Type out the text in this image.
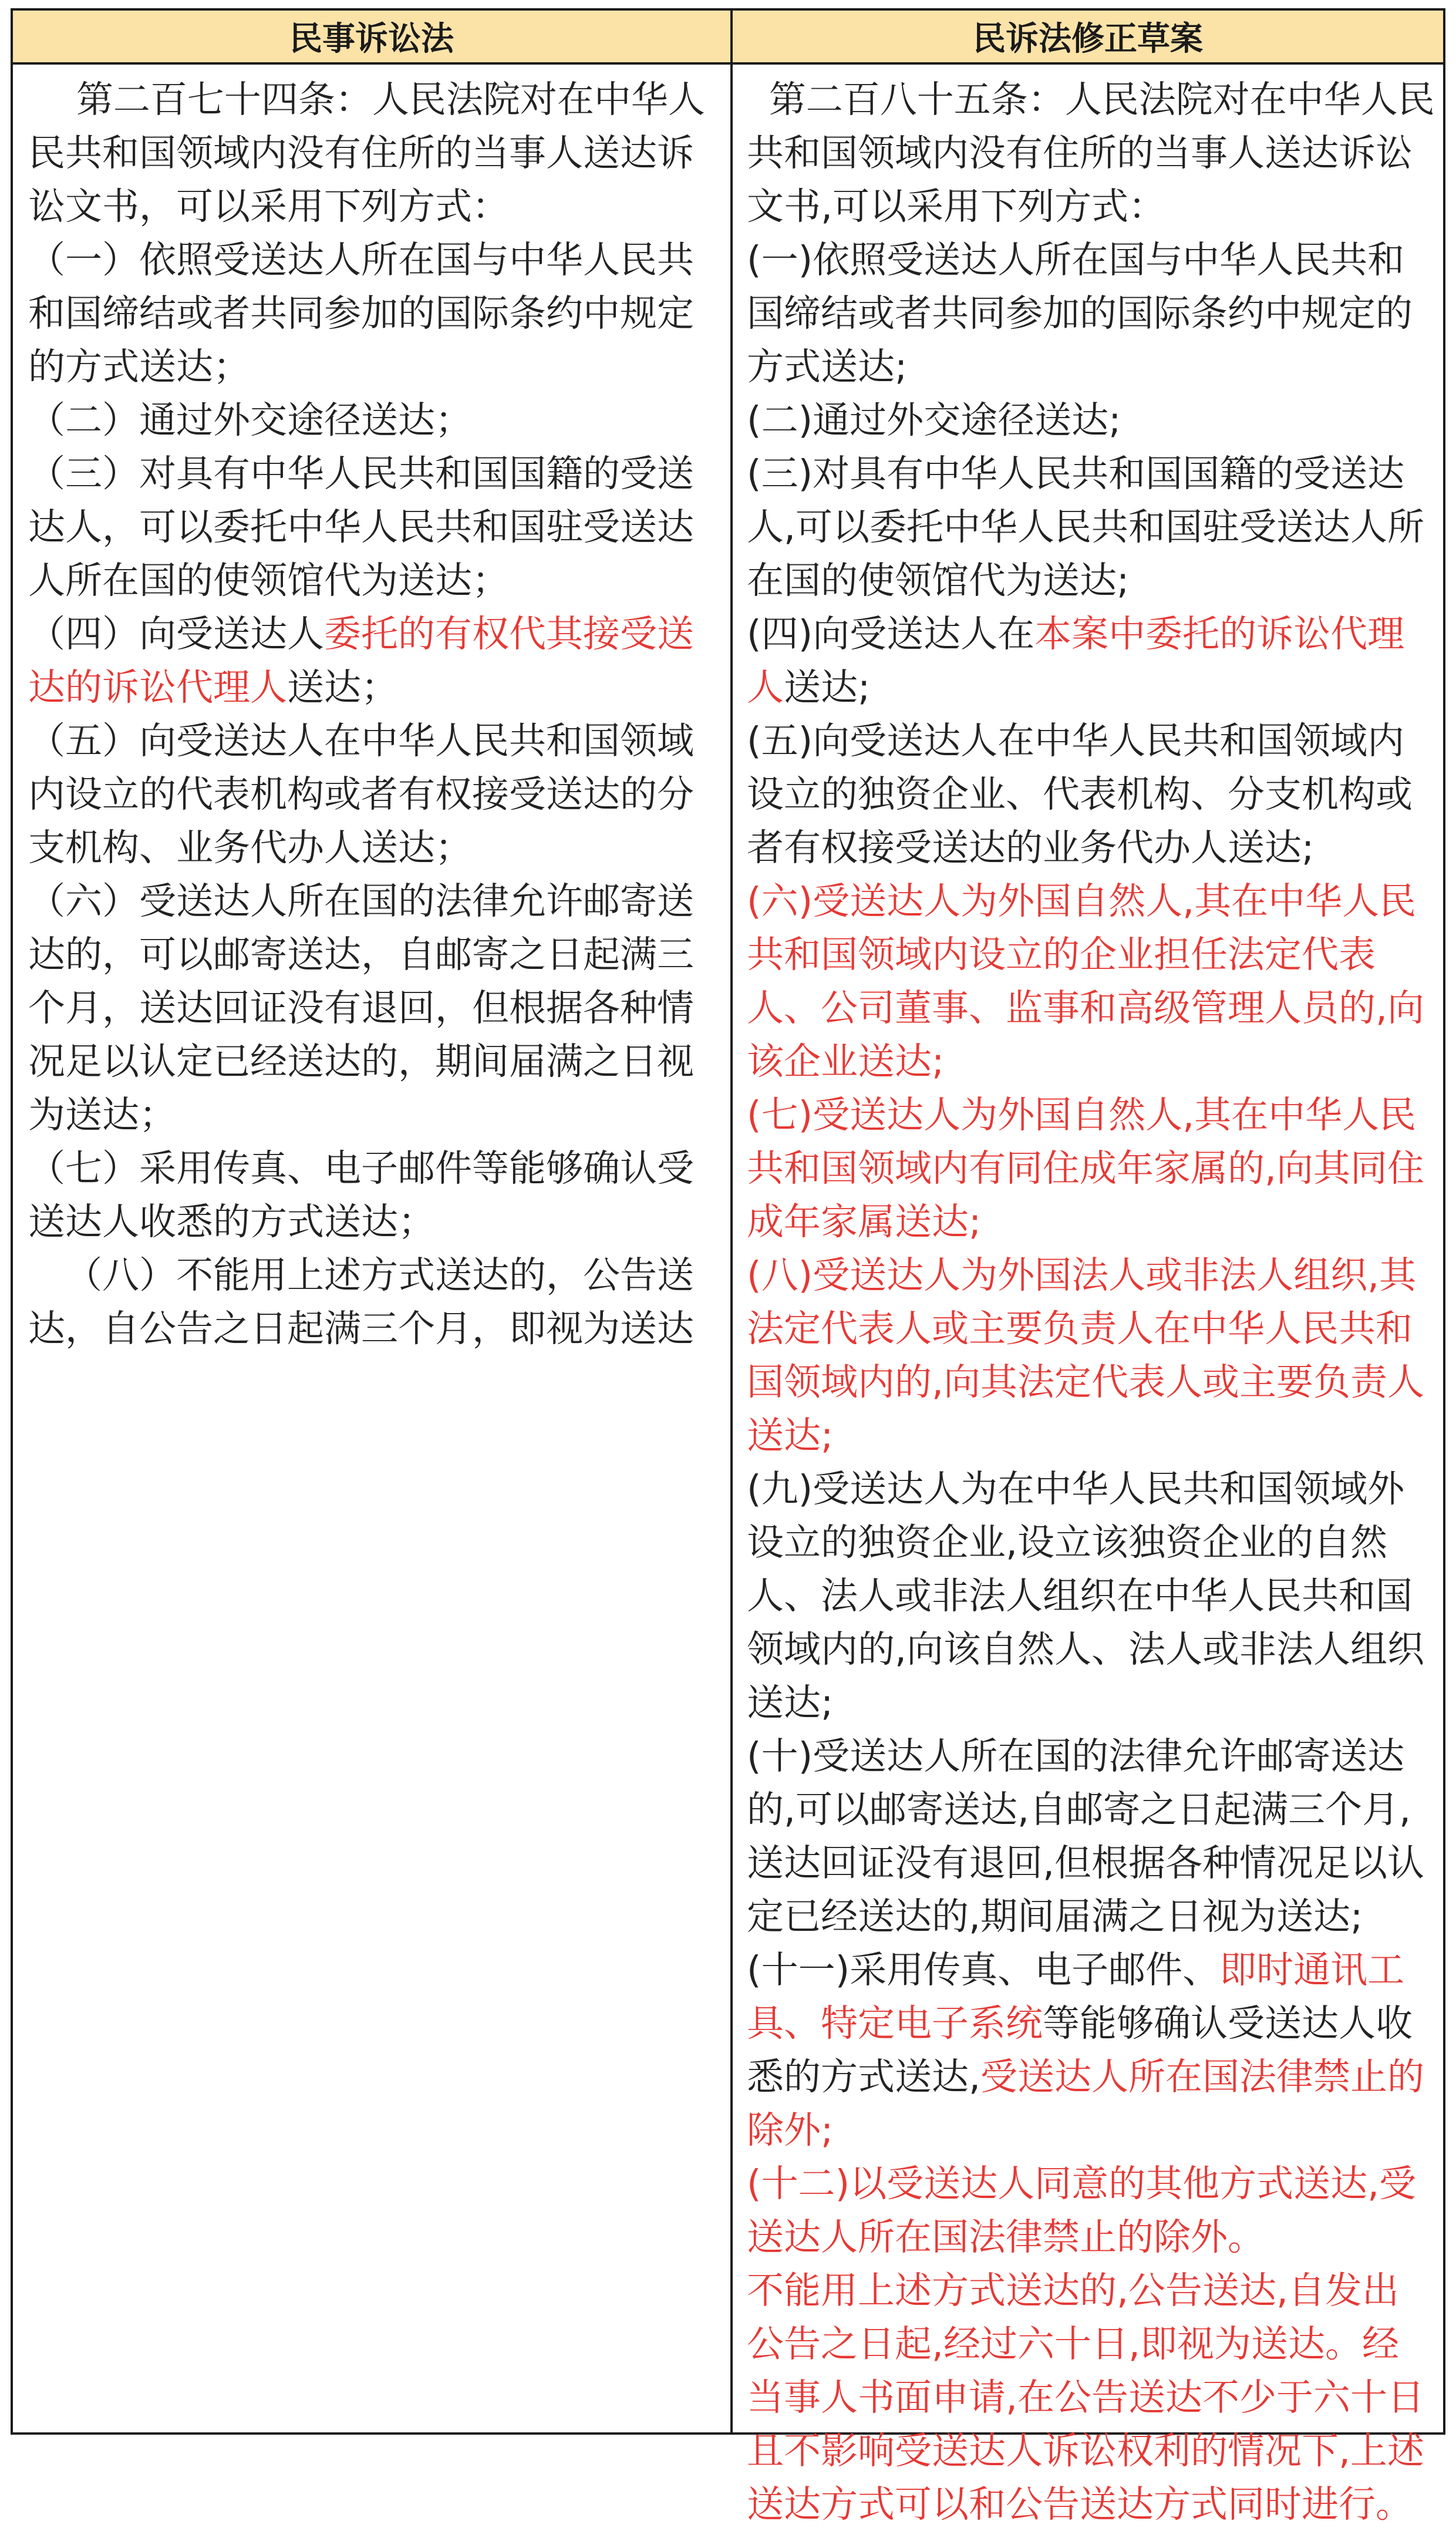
民事诉讼法	民诉法修正草案

第二百七十四条：人民法院对在中华人民共和国领域内没有住所的当事人送达诉讼文书，可以采用下列方式：

（一）依照受送达人所在国与中华人民共和国缔结或者共同参加的国际条约中规定的方式送达；

（二）通过外交途径送达；

（三）对具有中华人民共和国国籍的受送达人，可以委托中华人民共和国驻受送达人所在国的使领馆代为送达；

（四）向受送达人委托的有权代其接受送达的诉讼代理人送达；

（五）向受送达人在中华人民共和国领域内设立的代表机构或者有权接受送达的分支机构、业务代办人送达；

（六）受送达人所在国的法律允许邮寄送达的，可以邮寄送达，自邮寄之日起满三个月，送达回证没有退回，但根据各种情况足以认定已经送达的，期间届满之日视为送达；

（七）采用传真、电子邮件等能够确认受送达人收悉的方式送达；

（八）不能用上述方式送达的，公告送达，自公告之日起满三个月，即视为送达

第二百八十五条：人民法院对在中华人民共和国领域内没有住所的当事人送达诉讼文书,可以采用下列方式：

(一)依照受送达人所在国与中华人民共和国缔结或者共同参加的国际条约中规定的方式送达;

(二)通过外交途径送达;

(三)对具有中华人民共和国国籍的受送达人,可以委托中华人民共和国驻受送达人所在国的使领馆代为送达;

(四)向受送达人在本案中委托的诉讼代理人送达;

(五)向受送达人在中华人民共和国领域内设立的独资企业、代表机构、分支机构或者有权接受送达的业务代办人送达;

(六)受送达人为外国自然人,其在中华人民共和国领域内设立的企业担任法定代表人、公司董事、监事和高级管理人员的,向该企业送达;

(七)受送达人为外国自然人,其在中华人民共和国领域内有同住成年家属的,向其同住成年家属送达;

(八)受送达人为外国法人或非法人组织,其法定代表人或主要负责人在中华人民共和国领域内的,向其法定代表人或主要负责人送达;

(九)受送达人为在中华人民共和国领域外设立的独资企业,设立该独资企业的自然人、法人或非法人组织在中华人民共和国领域内的,向该自然人、法人或非法人组织送达;

(十)受送达人所在国的法律允许邮寄送达的,可以邮寄送达,自邮寄之日起满三个月,送达回证没有退回,但根据各种情况足以认定已经送达的,期间届满之日视为送达;

(十一)采用传真、电子邮件、即时通讯工具、特定电子系统等能够确认受送达人收悉的方式送达,受送达人所在国法律禁止的除外;

(十二)以受送达人同意的其他方式送达,受送达人所在国法律禁止的除外。

不能用上述方式送达的,公告送达,自发出公告之日起,经过六十日,即视为送达。经当事人书面申请,在公告送达不少于六十日且不影响受送达人诉讼权利的情况下,上述送达方式可以和公告送达方式同时进行。
